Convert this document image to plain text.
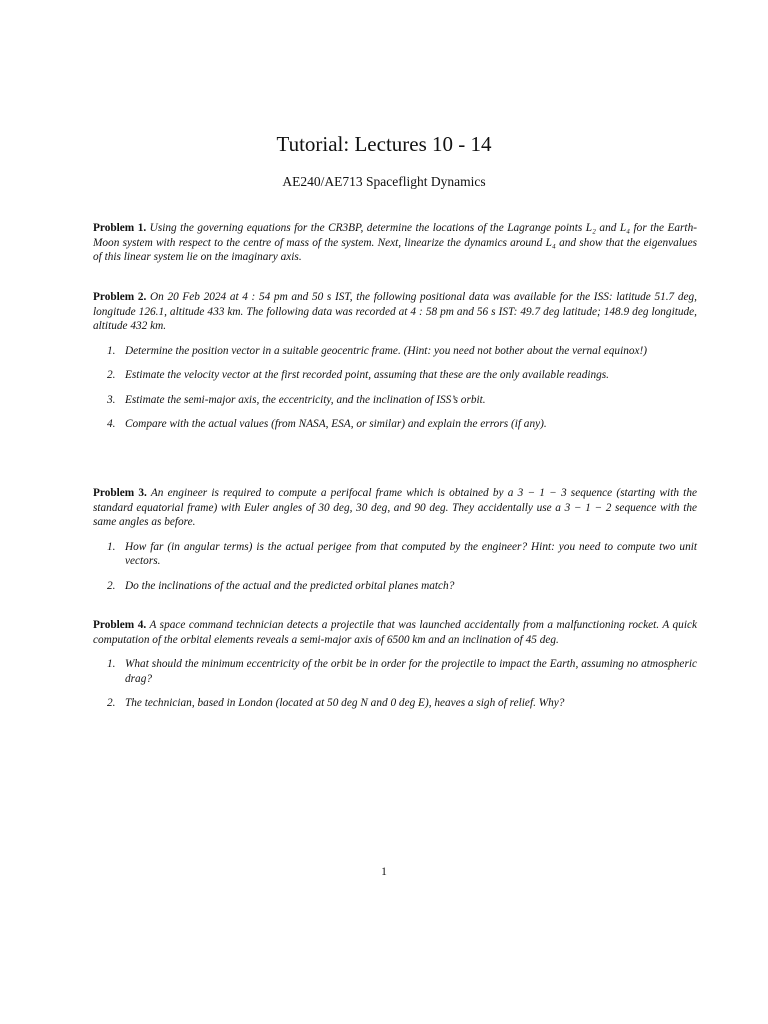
Tutorial: Lectures 10 - 14
AE240/AE713 Spaceflight Dynamics

Problem 1. Using the governing equations for the CR3BP, determine the locations of the Lagrange points L₂ and L₄ for the Earth-Moon system with respect to the centre of mass of the system. Next, linearize the dynamics around L₄ and show that the eigenvalues of this linear system lie on the imaginary axis.

Problem 2. On 20 Feb 2024 at 4 : 54 pm and 50 s IST, the following positional data was available for the ISS: latitude 51.7 deg, longitude 126.1, altitude 433 km. The following data was recorded at 4 : 58 pm and 56 s IST: 49.7 deg latitude; 148.9 deg longitude, altitude 432 km.

1. Determine the position vector in a suitable geocentric frame. (Hint: you need not bother about the vernal equinox!)
2. Estimate the velocity vector at the first recorded point, assuming that these are the only available readings.
3. Estimate the semi-major axis, the eccentricity, and the inclination of ISS’s orbit.
4. Compare with the actual values (from NASA, ESA, or similar) and explain the errors (if any).

Problem 3. An engineer is required to compute a perifocal frame which is obtained by a 3 − 1 − 3 sequence (starting with the standard equatorial frame) with Euler angles of 30 deg, 30 deg, and 90 deg. They accidentally use a 3 − 1 − 2 sequence with the same angles as before.

1. How far (in angular terms) is the actual perigee from that computed by the engineer? Hint: you need to compute two unit vectors.
2. Do the inclinations of the actual and the predicted orbital planes match?

Problem 4. A space command technician detects a projectile that was launched accidentally from a malfunctioning rocket. A quick computation of the orbital elements reveals a semi-major axis of 6500 km and an inclination of 45 deg.

1. What should the minimum eccentricity of the orbit be in order for the projectile to impact the Earth, assuming no atmospheric drag?
2. The technician, based in London (located at 50 deg N and 0 deg E), heaves a sigh of relief. Why?
1
